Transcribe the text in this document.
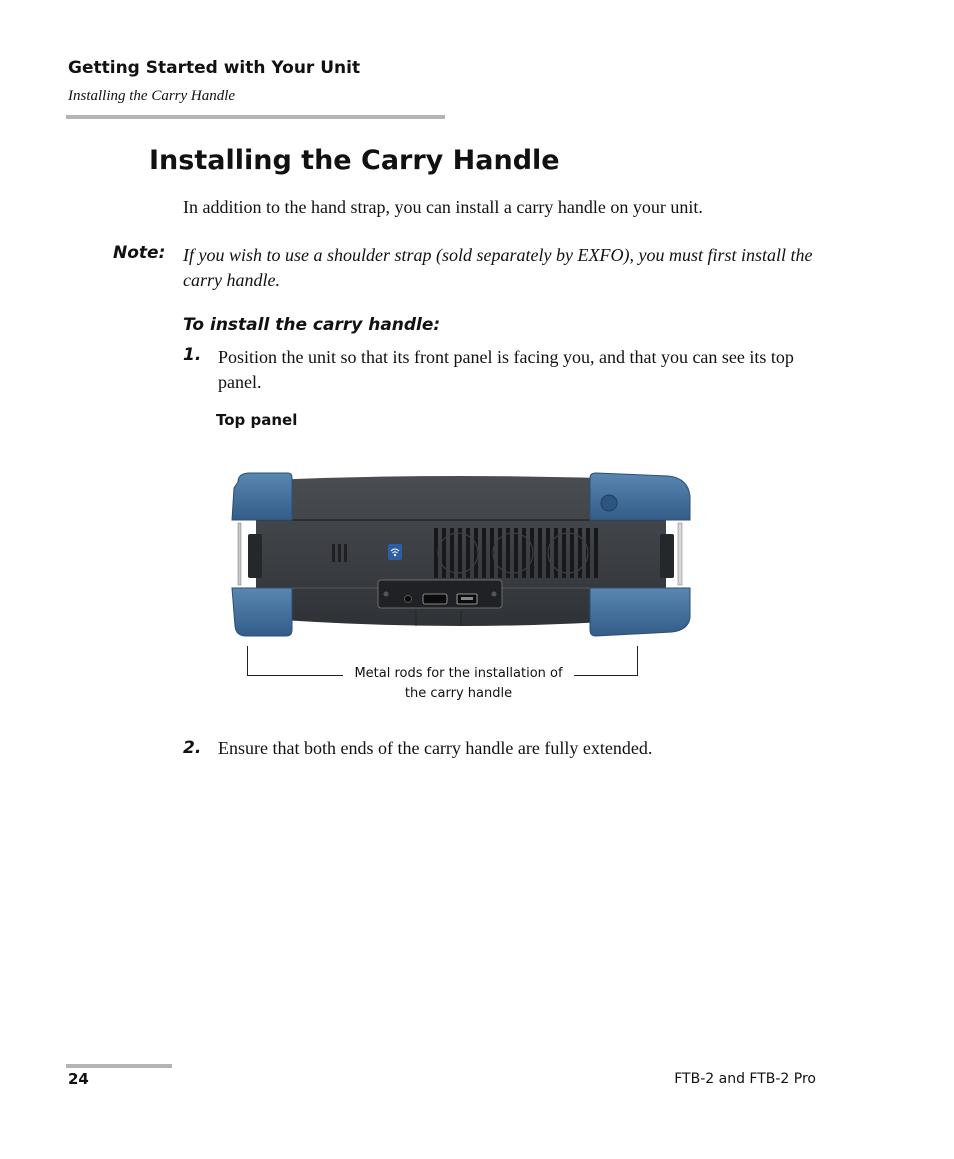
Getting Started with Your Unit
Installing the Carry Handle
Installing the Carry Handle
In addition to the hand strap, you can install a carry handle on your unit.
Note: If you wish to use a shoulder strap (sold separately by EXFO), you must first install the carry handle.
To install the carry handle:
1. Position the unit so that its front panel is facing you, and that you can see its top panel.
Top panel
Metal rods for the installation of
the carry handle
2. Ensure that both ends of the carry handle are fully extended.
24	FTB-2 and FTB-2 Pro
